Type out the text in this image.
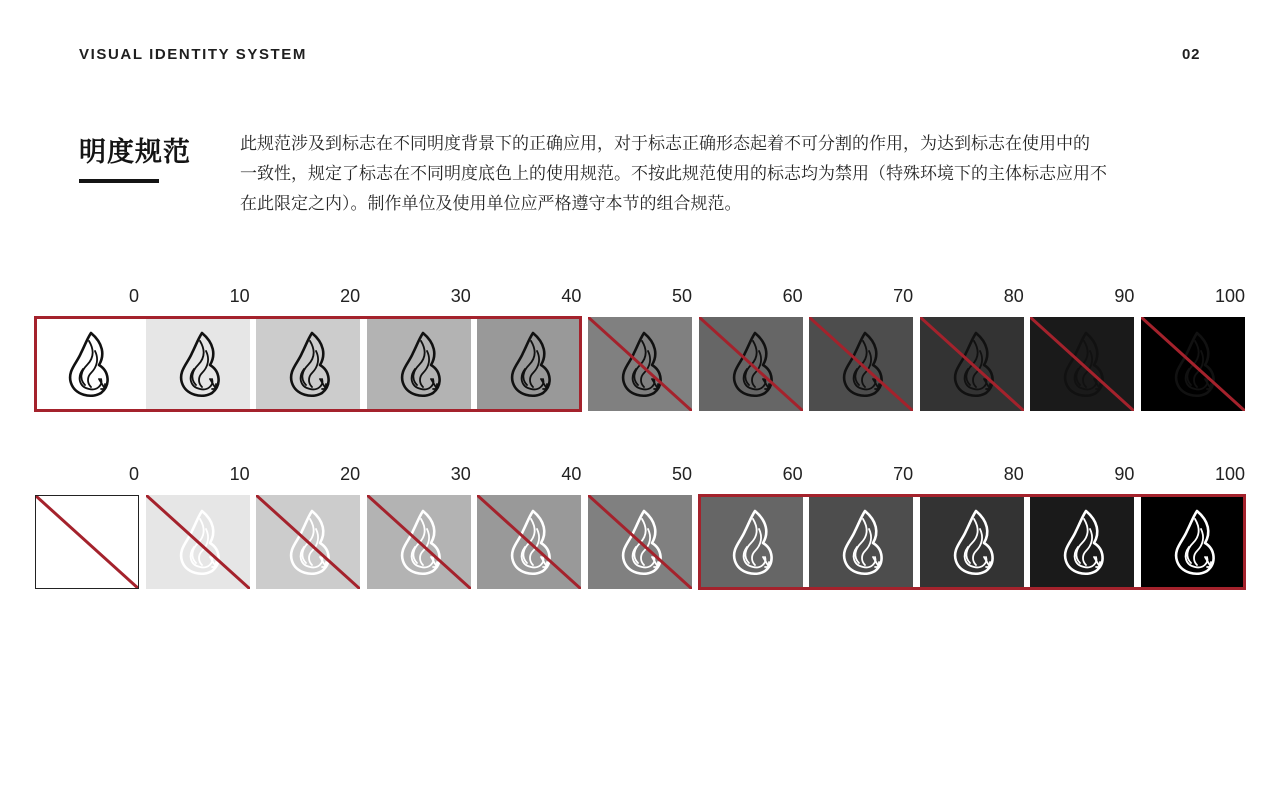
VISUAL IDENTITY SYSTEM	02
明度规范	此规范涉及到标志在不同明度背景下的正确应用，对于标志正确形态起着不可分割的作用，为达到标志在使用中的

一致性，规定了标志在不同明度底色上的使用规范。不按此规范使用的标志均为禁用（特殊环境下的主体标志应用不

在此限定之内）。制作单位及使用单位应严格遵守本节的组合规范。

0	10	20	30	40	50	60	70	80	90	100
0	10	20	30	40	50	60	70	80	90	100
